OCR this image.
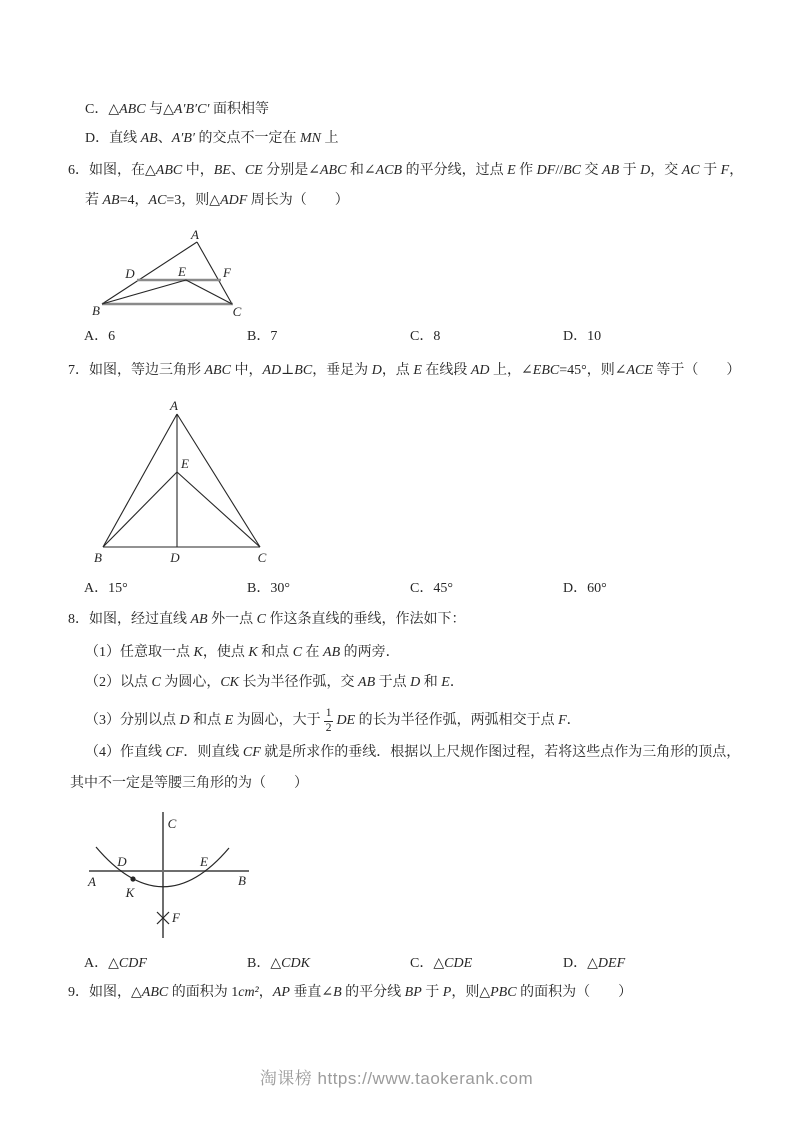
C．△ABC 与△A′B′C′ 面积相等
D．直线 AB、A′B′ 的交点不一定在 MN 上
6．如图，在△ABC 中，BE、CE 分别是∠ABC 和∠ACB 的平分线，过点 E 作 DF//BC 交 AB 于 D，交 AC 于 F，
若 AB=4，AC=3，则△ADF 周长为（　　）
A
B	C
D	E	F
A．6	B．7	C．8	D．10
7．如图，等边三角形 ABC 中，AD⊥BC，垂足为 D，点 E 在线段 AD 上，∠EBC=45°，则∠ACE 等于（　　）
A
E
B	D	C
A．15°	B．30°	C．45°	D．60°
8．如图，经过直线 AB 外一点 C 作这条直线的垂线，作法如下：
（1）任意取一点 K，使点 K 和点 C 在 AB 的两旁．
（2）以点 C 为圆心，CK 长为半径作弧，交 AB 于点 D 和 E．
（3）分别以点 D 和点 E 为圆心，大于 $\frac{1}{2}$ DE 的长为半径作弧，两弧相交于点 F．
（4）作直线 CF．则直线 CF 就是所求作的垂线．根据以上尺规作图过程，若将这些点作为三角形的顶点，
其中不一定是等腰三角形的为（　　）
C
D	E
A	B
K
F
A．△CDF	B．△CDK	C．△CDE	D．△DEF
9．如图，△ABC 的面积为 1cm²，AP 垂直∠B 的平分线 BP 于 P，则△PBC 的面积为（　　）
淘课榜 https://www.taokerank.com
